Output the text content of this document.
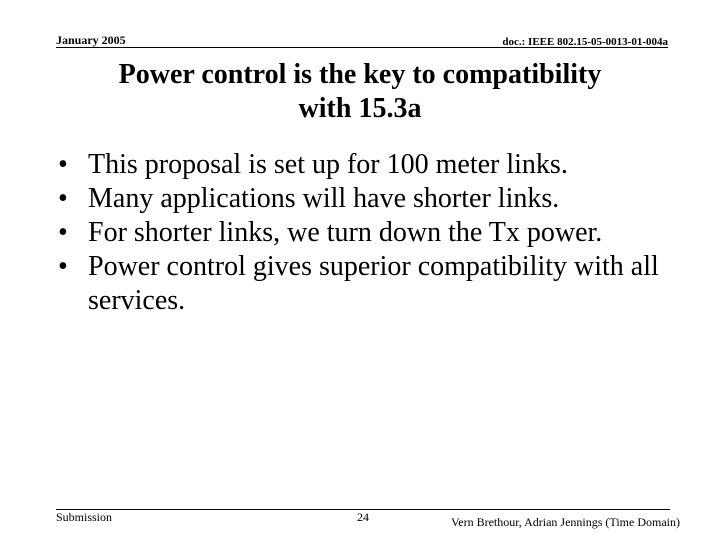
January 2005	doc.: IEEE 802.15-05-0013-01-004a
Power control is the key to compatibility
with 15.3a
• This proposal is set up for 100 meter links.
• Many applications will have shorter links.
• For shorter links, we turn down the Tx power.
• Power control gives superior compatibility with all services.
Submission	24	Vern Brethour, Adrian Jennings (Time Domain)
